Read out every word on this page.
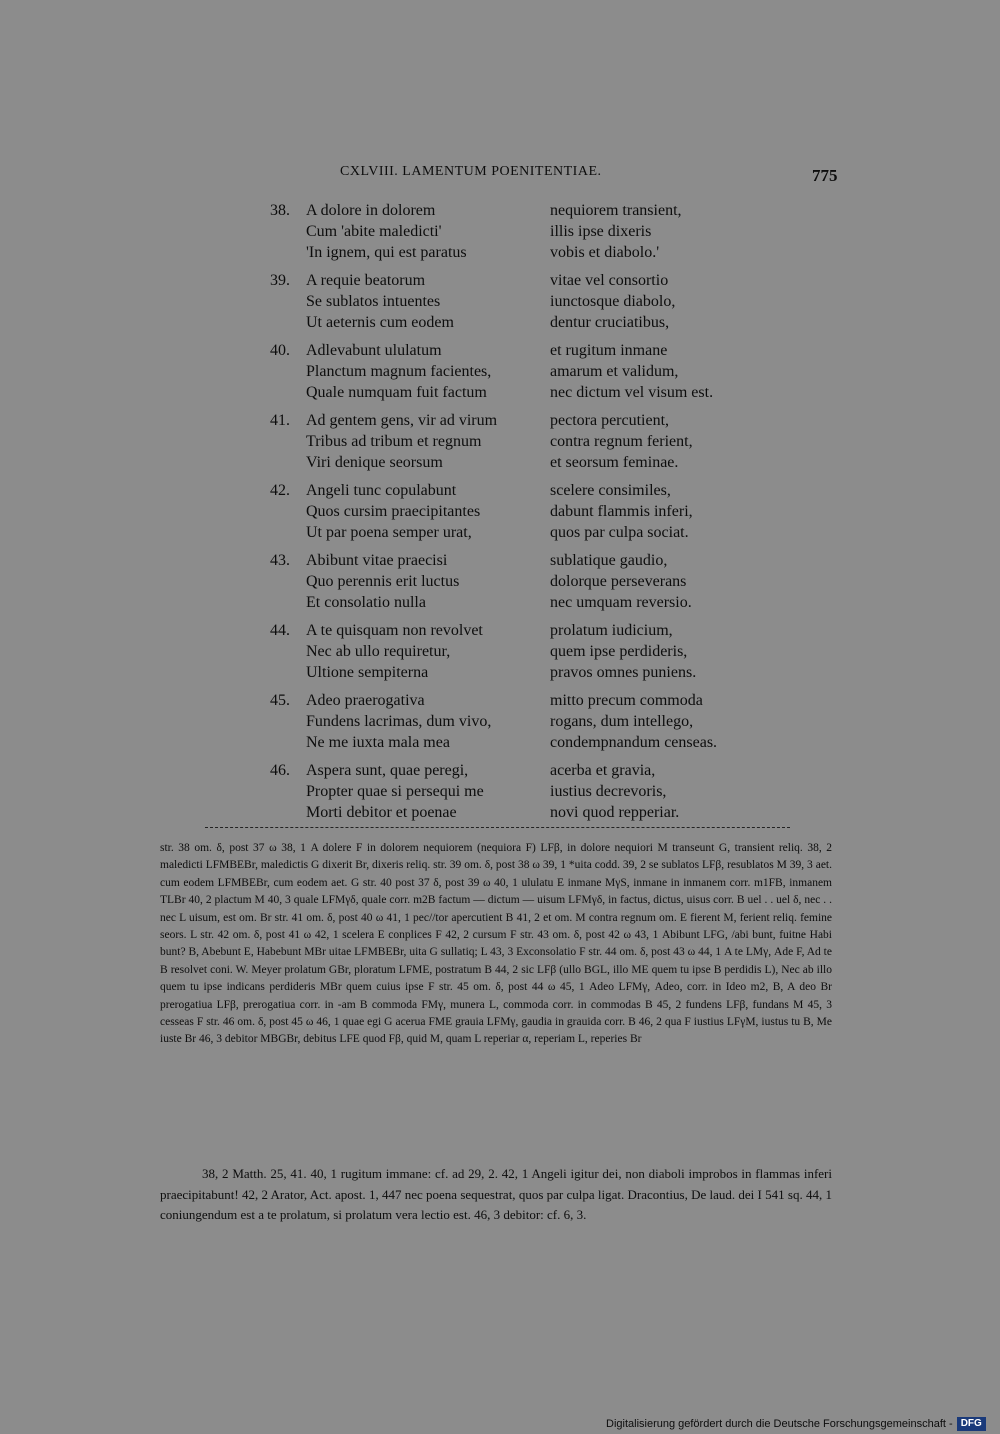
CXLVIII. LAMENTUM POENITENTIAE.	775
38.	A dolore in dolorem	nequiorem transient,
Cum 'abite maledicti'	illis ipse dixeris
'In ignem, qui est paratus	vobis et diabolo.'
39.	A requie beatorum	vitae vel consortio
Se sublatos intuentes	iunctosque diabolo,
Ut aeternis cum eodem	dentur cruciatibus,
40.	Adlevabunt ululatum	et rugitum inmane
Planctum magnum facientes,	amarum et validum,
Quale numquam fuit factum	nec dictum vel visum est.
41.	Ad gentem gens, vir ad virum	pectora percutient,
Tribus ad tribum et regnum	contra regnum ferient,
Viri denique seorsum	et seorsum feminae.
42.	Angeli tunc copulabunt	scelere consimiles,
Quos cursim praecipitantes	dabunt flammis inferi,
Ut par poena semper urat,	quos par culpa sociat.
43.	Abibunt vitae praecisi	sublatique gaudio,
Quo perennis erit luctus	dolorque perseverans
Et consolatio nulla	nec umquam reversio.
44.	A te quisquam non revolvet	prolatum iudicium,
Nec ab ullo requiretur,	quem ipse perdideris,
Ultione sempiterna	pravos omnes puniens.
45.	Adeo praerogativa	mitto precum commoda
Fundens lacrimas, dum vivo,	rogans, dum intellego,
Ne me iuxta mala mea	condempnandum censeas.
46.	Aspera sunt, quae peregi,	acerba et gravia,
Propter quae si persequi me	iustius decrevoris,
Morti debitor et poenae	novi quod repperiar.

str. 38 om. δ, post 37 ω 38, 1 A dolere F in dolorem nequiorem (nequiora F) LFβ, in dolore nequiori M transeunt G, transient reliq. 38, 2 maledicti LFMBEBr, maledictis G dixerit Br, dixeris reliq. str. 39 om. δ, post 38 ω 39, 1 *uita codd. 39, 2 se sublatos LFβ, resublatos M 39, 3 aet. cum eodem LFMBEBr, cum eodem aet. G str. 40 post 37 δ, post 39 ω 40, 1 ululatu E inmane MγS, inmane in inmanem corr. m1FB, inmanem TLBr 40, 2 plactum M 40, 3 quale LFMγδ, quale corr. m2B factum — dictum — uisum LFMγδ, in factus, dictus, uisus corr. B uel . . uel δ, nec . . nec L uisum, est om. Br str. 41 om. δ, post 40 ω 41, 1 pec//tor apercutient B 41, 2 et om. M contra regnum om. E fierent M, ferient reliq. femine seors. L str. 42 om. δ, post 41 ω 42, 1 scelera E conplices F 42, 2 cursum F str. 43 om. δ, post 42 ω 43, 1 Abibunt LFG, /abi bunt, fuitne Habi bunt? B, Abebunt E, Habebunt MBr uitae LFMBEBr, uita G sullatiq; L 43, 3 Exconsolatio F str. 44 om. δ, post 43 ω 44, 1 A te LMγ, Ade F, Ad te B resolvet coni. W. Meyer prolatum GBr, ploratum LFME, postratum B 44, 2 sic LFβ (ullo BGL, illo ME quem tu ipse B perdidis L), Nec ab illo quem tu ipse indicans perdideris MBr quem cuius ipse F str. 45 om. δ, post 44 ω 45, 1 Adeo LFMγ, Adeo, corr. in Ideo m2, B, A deo Br prerogatiua LFβ, prerogatiua corr. in -am B commoda FMγ, munera L, commoda corr. in commodas B 45, 2 fundens LFβ, fundans M 45, 3 cesseas F str. 46 om. δ, post 45 ω 46, 1 quae egi G acerua FME grauia LFMγ, gaudia in grauida corr. B 46, 2 qua F iustius LFγM, iustus tu B, Me iuste Br 46, 3 debitor MBGBr, debitus LFE quod Fβ, quid M, quam L reperiar α, reperiam L, reperies Br

38, 2 Matth. 25, 41. 40, 1 rugitum immane: cf. ad 29, 2. 42, 1 Angeli igitur dei, non diaboli improbos in flammas inferi praecipitabunt! 42, 2 Arator, Act. apost. 1, 447 nec poena sequestrat, quos par culpa ligat. Dracontius, De laud. dei I 541 sq. 44, 1 coniungendum est a te prolatum, si prolatum vera lectio est. 46, 3 debitor: cf. 6, 3.

Digitalisierung gefördert durch die Deutsche Forschungsgemeinschaft - DFG
